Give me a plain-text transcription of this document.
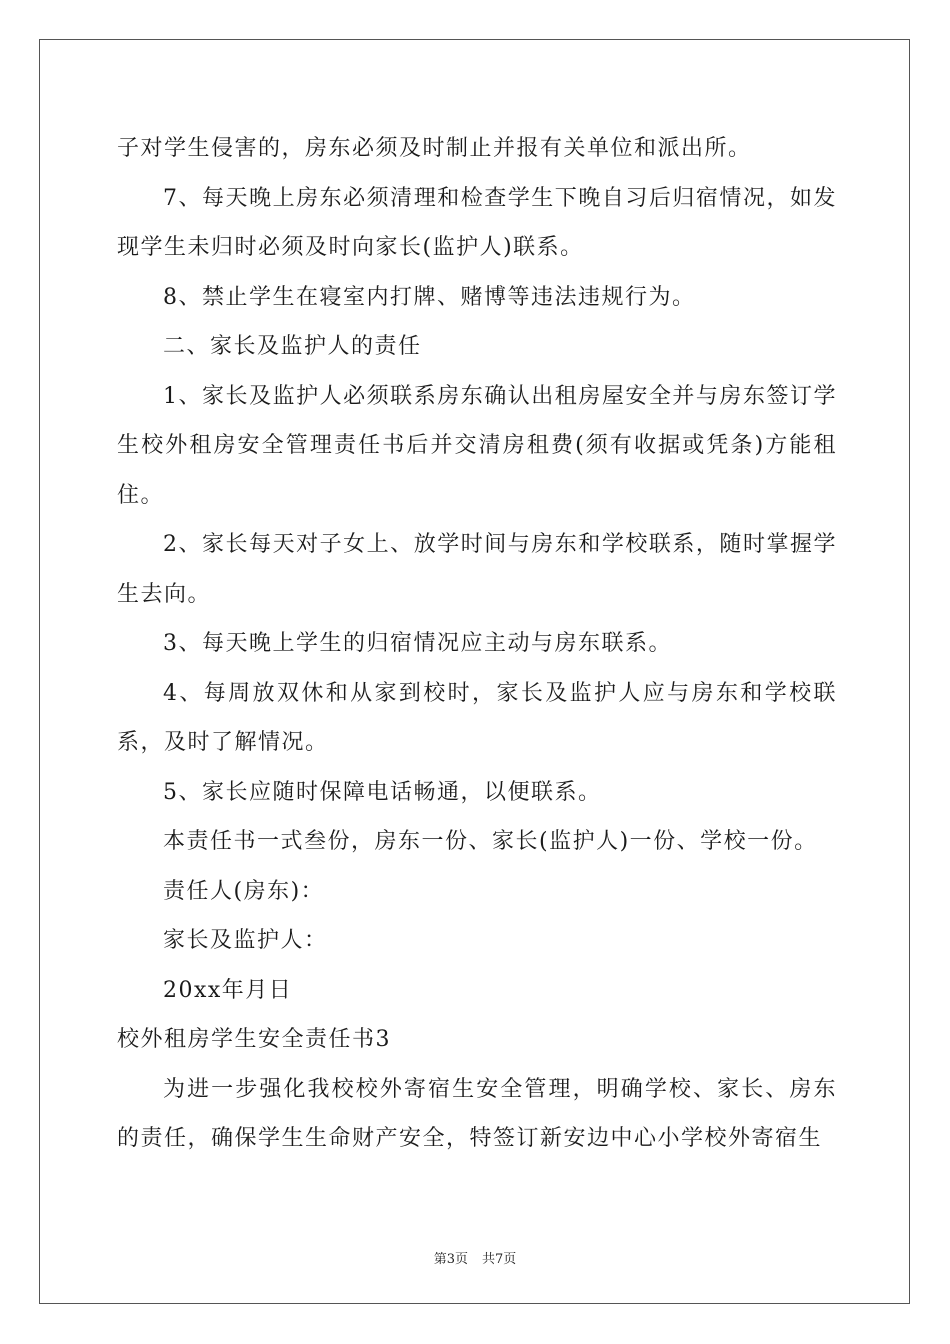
子对学生侵害的，房东必须及时制止并报有关单位和派出所。

7、每天晚上房东必须清理和检查学生下晚自习后归宿情况，如发现学生未归时必须及时向家长(监护人)联系。

8、禁止学生在寝室内打牌、赌博等违法违规行为。

二、家长及监护人的责任

1、家长及监护人必须联系房东确认出租房屋安全并与房东签订学生校外租房安全管理责任书后并交清房租费(须有收据或凭条)方能租住。

2、家长每天对子女上、放学时间与房东和学校联系，随时掌握学生去向。

3、每天晚上学生的归宿情况应主动与房东联系。

4、每周放双休和从家到校时，家长及监护人应与房东和学校联系，及时了解情况。

5、家长应随时保障电话畅通，以便联系。

本责任书一式叁份，房东一份、家长(监护人)一份、学校一份。

责任人(房东)：

家长及监护人：

20xx年月日

校外租房学生安全责任书3

为进一步强化我校校外寄宿生安全管理，明确学校、家长、房东的责任，确保学生生命财产安全，特签订新安边中心小学校外寄宿生

第3页 共7页
